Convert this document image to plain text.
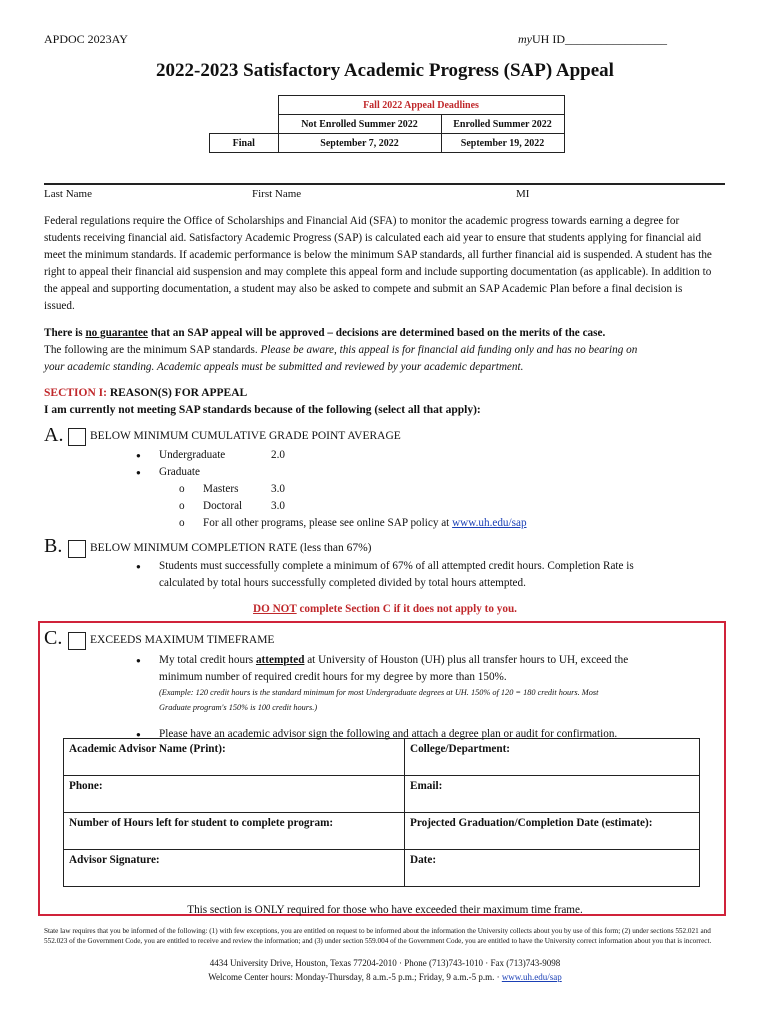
APDOC 2023AY	myUH ID_________________
2022-2023 Satisfactory Academic Progress (SAP) Appeal
	Fall 2022 Appeal Deadlines	
	Not Enrolled Summer 2022	Enrolled Summer 2022
Final	September 7, 2022	September 19, 2022
Last Name	First Name	MI
Federal regulations require the Office of Scholarships and Financial Aid (SFA) to monitor the academic progress towards earning a degree for students receiving financial aid. Satisfactory Academic Progress (SAP) is calculated each aid year to ensure that students applying for financial aid meet the minimum standards. If academic performance is below the minimum SAP standards, all further financial aid is suspended. A student has the right to appeal their financial aid suspension and may complete this appeal form and include supporting documentation (as applicable). In addition to the appeal and supporting documentation, a student may also be asked to compete and submit an SAP Academic Plan before a final decision is issued.
There is no guarantee that an SAP appeal will be approved – decisions are determined based on the merits of the case.
The following are the minimum SAP standards. Please be aware, this appeal is for financial aid funding only and has no bearing on
your academic standing. Academic appeals must be submitted and reviewed by your academic department.
SECTION I: REASON(S) FOR APPEAL
I am currently not meeting SAP standards because of the following (select all that apply):
A. BELOW MINIMUM CUMULATIVE GRADE POINT AVERAGE
● Undergraduate	2.0
● Graduate
o Masters	3.0
o Doctoral	3.0
o For all other programs, please see online SAP policy at www.uh.edu/sap
B. BELOW MINIMUM COMPLETION RATE (less than 67%)
● Students must successfully complete a minimum of 67% of all attempted credit hours. Completion Rate is
calculated by total hours successfully completed divided by total hours attempted.
DO NOT complete Section C if it does not apply to you.
C. EXCEEDS MAXIMUM TIMEFRAME
● My total credit hours attempted at University of Houston (UH) plus all transfer hours to UH, exceed the
minimum number of required credit hours for my degree by more than 150%.
(Example: 120 credit hours is the standard minimum for most Undergraduate degrees at UH. 150% of 120 = 180 credit hours. Most
Graduate program's 150% is 100 credit hours.)
● Please have an academic advisor sign the following and attach a degree plan or audit for confirmation.
Academic Advisor Name (Print):	College/Department:
Phone:	Email:
Number of Hours left for student to complete program:	Projected Graduation/Completion Date (estimate):
Advisor Signature:	Date:
This section is ONLY required for those who have exceeded their maximum time frame.
State law requires that you be informed of the following: (1) with few exceptions, you are entitled on request to be informed about the information the University collects about you by use of this form; (2) under sections 552.021 and 552.023 of the Government Code, you are entitled to receive and review the information; and (3) under section 559.004 of the Government Code, you are entitled to have the University correct information about you that is incorrect.
4434 University Drive, Houston, Texas 77204-2010 · Phone (713)743-1010 · Fax (713)743-9098
Welcome Center hours: Monday-Thursday, 8 a.m.-5 p.m.; Friday, 9 a.m.-5 p.m. · www.uh.edu/sap
